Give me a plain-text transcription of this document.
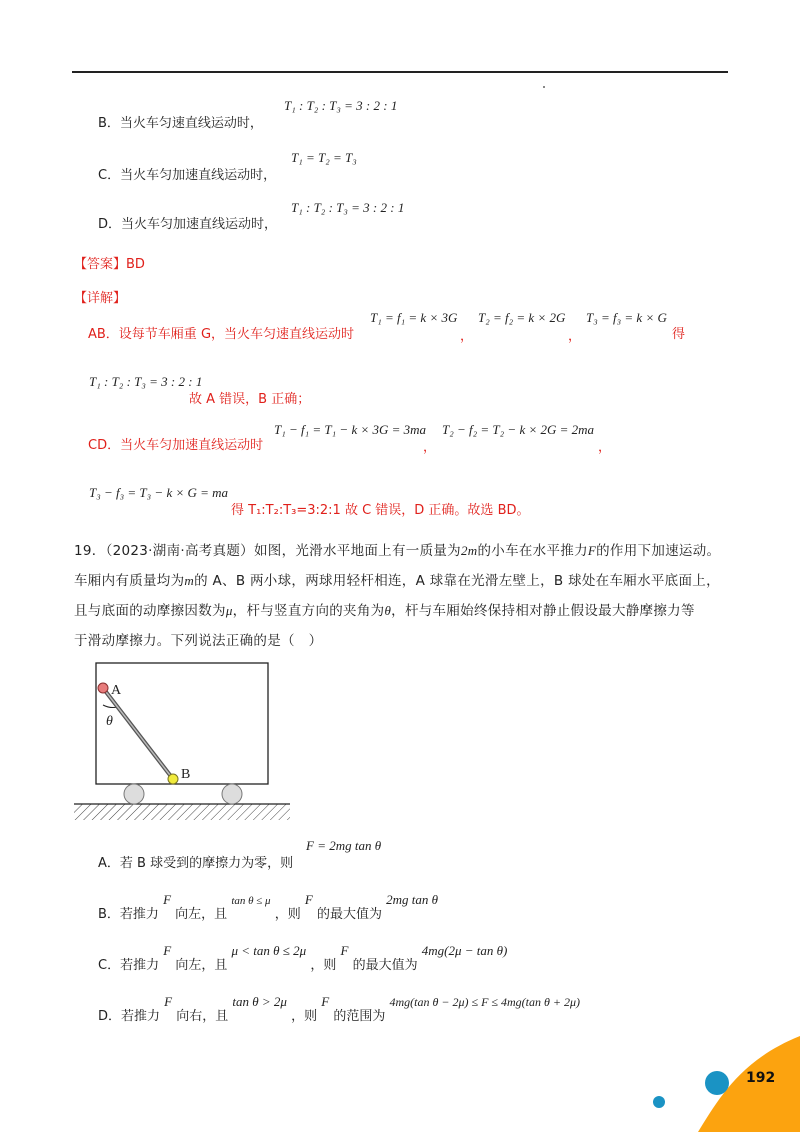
B．当火车匀速直线运动时，
T₁ : T₂ : T₃ = 3 : 2 : 1
C．当火车匀加速直线运动时，
T₁ = T₂ = T₃
D．当火车匀加速直线运动时，
T₁ : T₂ : T₃ = 3 : 2 : 1
【答案】BD
【详解】
AB．设每节车厢重 G，当火车匀速直线运动时
T₁ = f₁ = k × 3G
，
T₂ = f₂ = k × 2G
，
T₃ = f₃ = k × G
得
T₁ : T₂ : T₃ = 3 : 2 : 1
故 A 错误，B 正确；
CD．当火车匀加速直线运动时
T₁ − f₁ = T₁ − k × 3G = 3ma
，
T₂ − f₂ = T₂ − k × 2G = 2ma
，
T₃ − f₃ = T₃ − k × G = ma
得 T₁:T₂:T₃=3:2:1 故 C 错误，D 正确。故选 BD。
19．（2023·湖南·高考真题）如图，光滑水平地面上有一质量为2m的小车在水平推力F的作用下加速运动。
车厢内有质量均为m的 A、B 两小球，两球用轻杆相连，A 球靠在光滑左壁上，B 球处在车厢水平底面上，
且与底面的动摩擦因数为μ，杆与竖直方向的夹角为θ，杆与车厢始终保持相对静止假设最大静摩擦力等
于滑动摩擦力。下列说法正确的是（　）
A
B
θ
A．若 B 球受到的摩擦力为零，则
F = 2mg tan θ
B．若推力 F 向左，且 $^{tan \theta \le \mu}$ ，则 F 的最大值为 2mg tan θ
C．若推力 F 向左，且 μ < tan θ ≤ 2μ ，则 F 的最大值为 4mg(2μ − tan θ)
D．若推力 F 向右，且 tan θ > 2μ ，则 F 的范围为 4mg(tan θ − 2μ) ≤ F ≤ 4mg(tan θ + 2μ)
192
